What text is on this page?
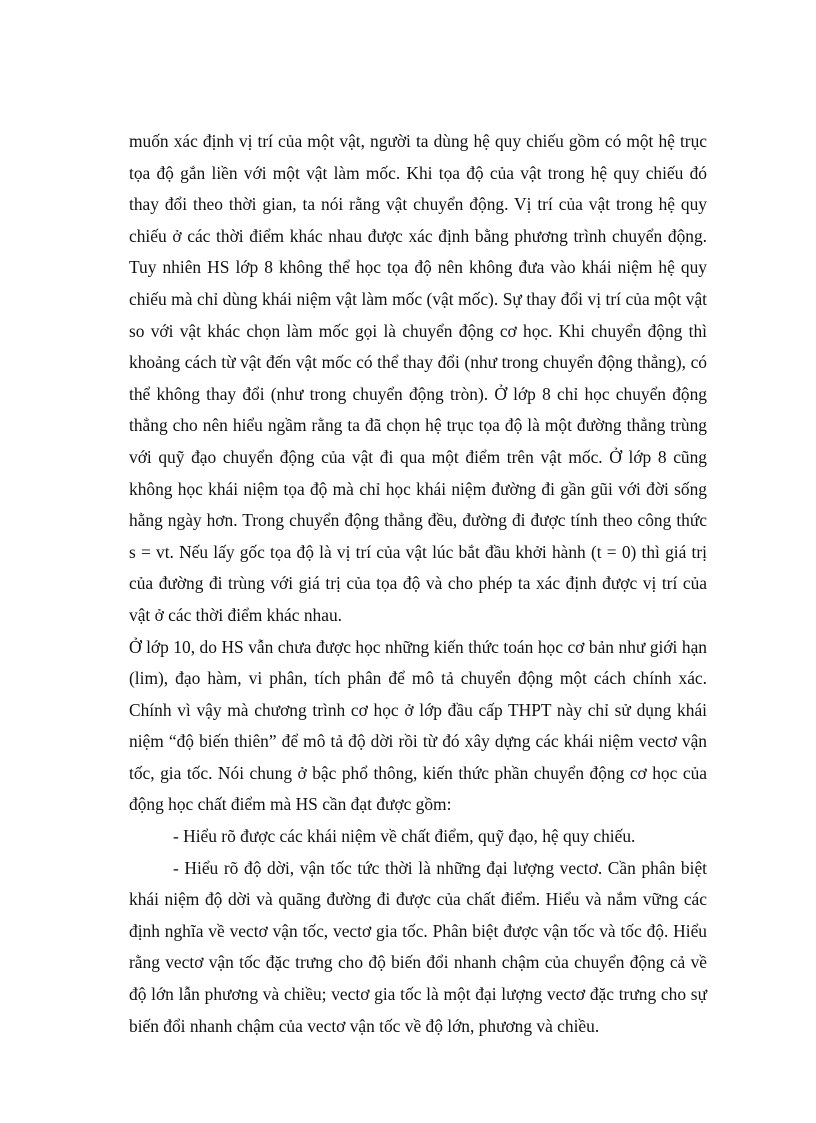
muốn xác định vị trí của một vật, người ta dùng hệ quy chiếu gồm có một hệ trục tọa độ gắn liền với một vật làm mốc. Khi tọa độ của vật trong hệ quy chiếu đó thay đổi theo thời gian, ta nói rằng vật chuyển động. Vị trí của vật trong hệ quy chiếu ở các thời điểm khác nhau được xác định bằng phương trình chuyển động. Tuy nhiên HS lớp 8 không thể học tọa độ nên không đưa vào khái niệm hệ quy chiếu mà chỉ dùng khái niệm vật làm mốc (vật mốc). Sự thay đổi vị trí của một vật so với vật khác chọn làm mốc gọi là chuyển động cơ học. Khi chuyển động thì khoảng cách từ vật đến vật mốc có thể thay đổi (như trong chuyển động thẳng), có thể không thay đổi (như trong chuyển động tròn). Ở lớp 8 chỉ học chuyển động thẳng cho nên hiểu ngầm rằng ta đã chọn hệ trục tọa độ là một đường thẳng trùng với quỹ đạo chuyển động của vật đi qua một điểm trên vật mốc. Ở lớp 8 cũng không học khái niệm tọa độ mà chỉ học khái niệm đường đi gần gũi với đời sống hằng ngày hơn. Trong chuyển động thẳng đều, đường đi được tính theo công thức s = vt. Nếu lấy gốc tọa độ là vị trí của vật lúc bắt đầu khởi hành (t = 0) thì giá trị của đường đi trùng với giá trị của tọa độ và cho phép ta xác định được vị trí của vật ở các thời điểm khác nhau.

Ở lớp 10, do HS vẫn chưa được học những kiến thức toán học cơ bản như giới hạn (lim), đạo hàm, vi phân, tích phân để mô tả chuyển động một cách chính xác. Chính vì vậy mà chương trình cơ học ở lớp đầu cấp THPT này chỉ sử dụng khái niệm “độ biến thiên” để mô tả độ dời rồi từ đó xây dựng các khái niệm vectơ vận tốc, gia tốc. Nói chung ở bậc phổ thông, kiến thức phần chuyển động cơ học của động học chất điểm mà HS cần đạt được gồm:

- Hiểu rõ được các khái niệm về chất điểm, quỹ đạo, hệ quy chiếu.

- Hiểu rõ độ dời, vận tốc tức thời là những đại lượng vectơ. Cần phân biệt khái niệm độ dời và quãng đường đi được của chất điểm. Hiểu và nắm vững các định nghĩa về vectơ vận tốc, vectơ gia tốc. Phân biệt được vận tốc và tốc độ. Hiểu rằng vectơ vận tốc đặc trưng cho độ biến đổi nhanh chậm của chuyển động cả về độ lớn lẫn phương và chiều; vectơ gia tốc là một đại lượng vectơ đặc trưng cho sự biến đổi nhanh chậm của vectơ vận tốc về độ lớn, phương và chiều.
